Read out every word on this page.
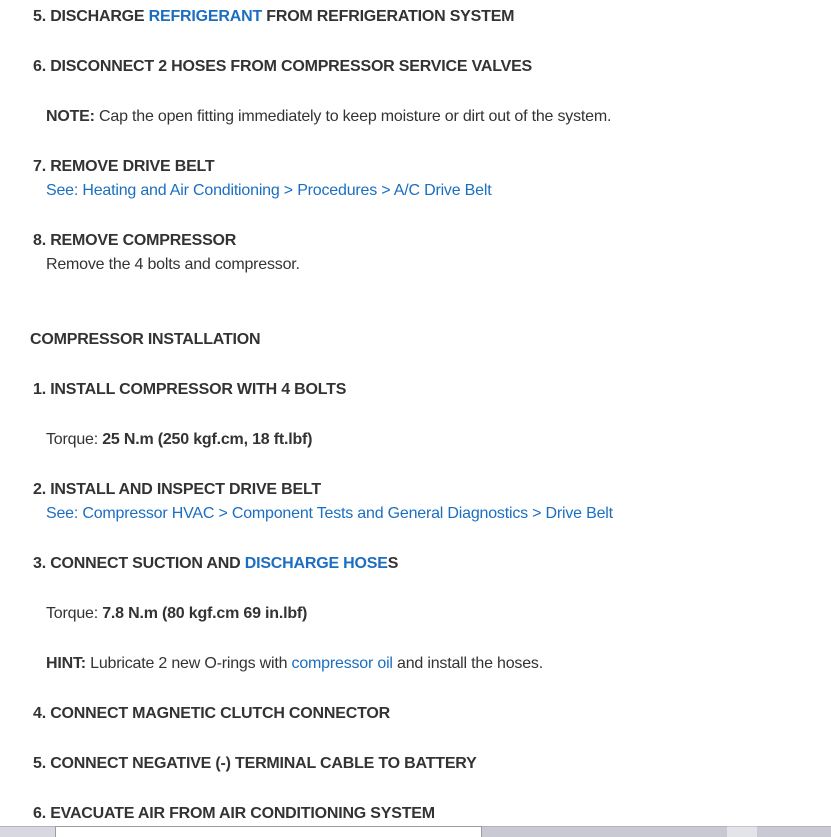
5. DISCHARGE REFRIGERANT FROM REFRIGERATION SYSTEM
6. DISCONNECT 2 HOSES FROM COMPRESSOR SERVICE VALVES
NOTE: Cap the open fitting immediately to keep moisture or dirt out of the system.
7. REMOVE DRIVE BELT
See: Heating and Air Conditioning > Procedures > A/C Drive Belt
8. REMOVE COMPRESSOR
Remove the 4 bolts and compressor.
COMPRESSOR INSTALLATION
1. INSTALL COMPRESSOR WITH 4 BOLTS
Torque: 25 N.m (250 kgf.cm, 18 ft.lbf)
2. INSTALL AND INSPECT DRIVE BELT
See: Compressor HVAC > Component Tests and General Diagnostics > Drive Belt
3. CONNECT SUCTION AND DISCHARGE HOSES
Torque: 7.8 N.m (80 kgf.cm 69 in.lbf)
HINT: Lubricate 2 new O-rings with compressor oil and install the hoses.
4. CONNECT MAGNETIC CLUTCH CONNECTOR
5. CONNECT NEGATIVE (-) TERMINAL CABLE TO BATTERY
6. EVACUATE AIR FROM AIR CONDITIONING SYSTEM
